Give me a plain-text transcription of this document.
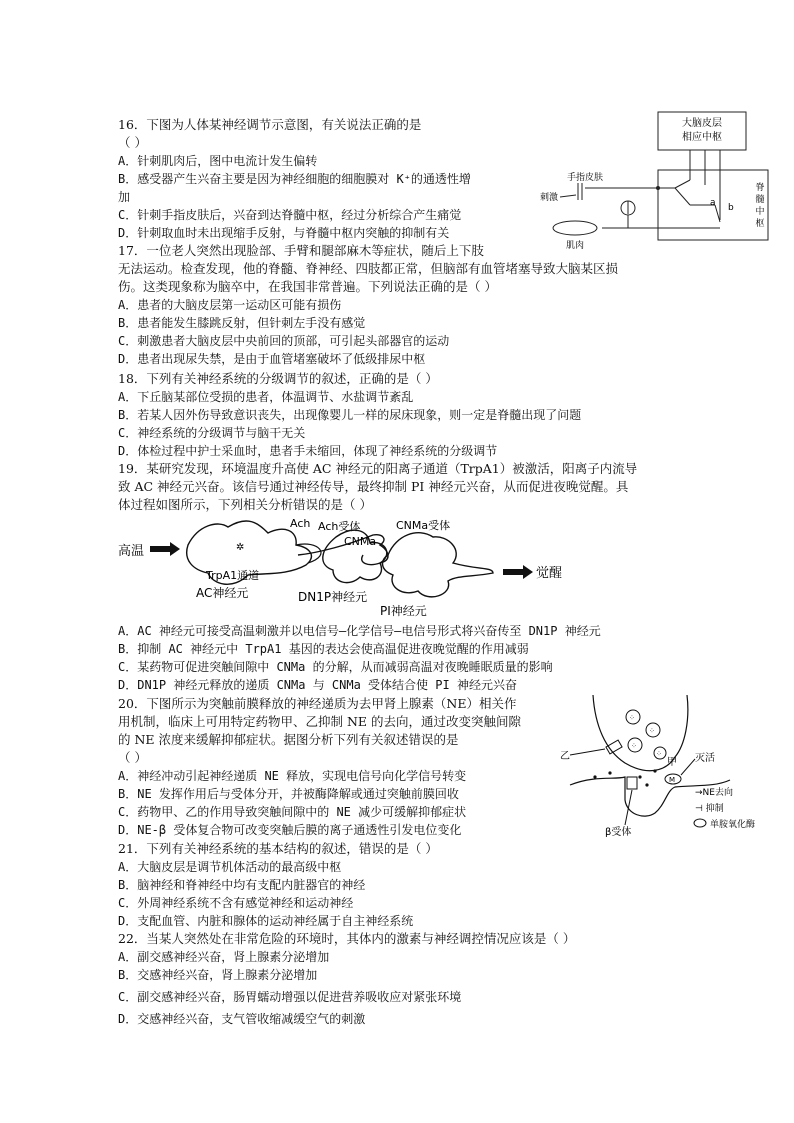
16．下图为人体某神经调节示意图，有关说法正确的是
（ ）
A．针刺肌肉后，图中电流计发生偏转
B．感受器产生兴奋主要是因为神经细胞的细胞膜对 K⁺的通透性增
加
C．针刺手指皮肤后，兴奋到达脊髓中枢，经过分析综合产生痛觉
D．针刺取血时未出现缩手反射，与脊髓中枢内突触的抑制有关
大脑皮层
相应中枢
脊
髓
中
枢
a b
手指皮肤
刺激
肌肉
17．一位老人突然出现脸部、手臂和腿部麻木等症状，随后上下肢
无法运动。检查发现，他的脊髓、脊神经、四肢都正常，但脑部有血管堵塞导致大脑某区损
伤。这类现象称为脑卒中，在我国非常普遍。下列说法正确的是（ ）
A．患者的大脑皮层第一运动区可能有损伤
B．患者能发生膝跳反射，但针刺左手没有感觉
C．刺激患者大脑皮层中央前回的顶部，可引起头部器官的运动
D．患者出现尿失禁，是由于血管堵塞破坏了低级排尿中枢
18．下列有关神经系统的分级调节的叙述，正确的是（ ）
A．下丘脑某部位受损的患者，体温调节、水盐调节紊乱
B．若某人因外伤导致意识丧失，出现像婴儿一样的尿床现象，则一定是脊髓出现了问题
C．神经系统的分级调节与脑干无关
D．体检过程中护士采血时，患者手未缩回，体现了神经系统的分级调节
19．某研究发现，环境温度升高使 AC 神经元的阳离子通道（TrpA1）被激活，阳离子内流导
致 AC 神经元兴奋。该信号通过神经传导，最终抑制 PI 神经元兴奋，从而促进夜晚觉醒。具
体过程如图所示，下列相关分析错误的是（ ）
高温	✲
TrpA1通道
AC神经元
Ach Ach受体
CNMa
CNMa受体
DN1P神经元
PI神经元
觉醒
A．AC 神经元可接受高温刺激并以电信号—化学信号—电信号形式将兴奋传至 DN1P 神经元
B．抑制 AC 神经元中 TrpA1 基因的表达会使高温促进夜晚觉醒的作用减弱
C．某药物可促进突触间隙中 CNMa 的分解，从而减弱高温对夜晚睡眠质量的影响
D．DN1P 神经元释放的递质 CNMa 与 CNMa 受体结合使 PI 神经元兴奋
20．下图所示为突触前膜释放的神经递质为去甲肾上腺素（NE）相关作
用机制，临床上可用特定药物甲、乙抑制 NE 的去向，通过改变突触间隙
的 NE 浓度来缓解抑郁症状。据图分析下列有关叙述错误的是
（ ）
A．神经冲动引起神经递质 NE 释放，实现电信号向化学信号转变
B．NE 发挥作用后与受体分开，并被酶降解或通过突触前膜回收
C．药物甲、乙的作用导致突触间隙中的 NE 减少可缓解抑郁症状
D．NE-β 受体复合物可改变突触后膜的离子通透性引发电位变化
⁘
⁘
⁘
⁘
乙
甲
M
灭活
β受体
→NE去向
⊣ 抑制
单胺氧化酶
21．下列有关神经系统的基本结构的叙述，错误的是（ ）
A．大脑皮层是调节机体活动的最高级中枢
B．脑神经和脊神经中均有支配内脏器官的神经
C．外周神经系统不含有感觉神经和运动神经
D．支配血管、内脏和腺体的运动神经属于自主神经系统
22．当某人突然处在非常危险的环境时，其体内的激素与神经调控情况应该是（ ）
A．副交感神经兴奋，肾上腺素分泌增加
B．交感神经兴奋，肾上腺素分泌增加
C．副交感神经兴奋，肠胃蠕动增强以促进营养吸收应对紧张环境
D．交感神经兴奋，支气管收缩减缓空气的刺激
